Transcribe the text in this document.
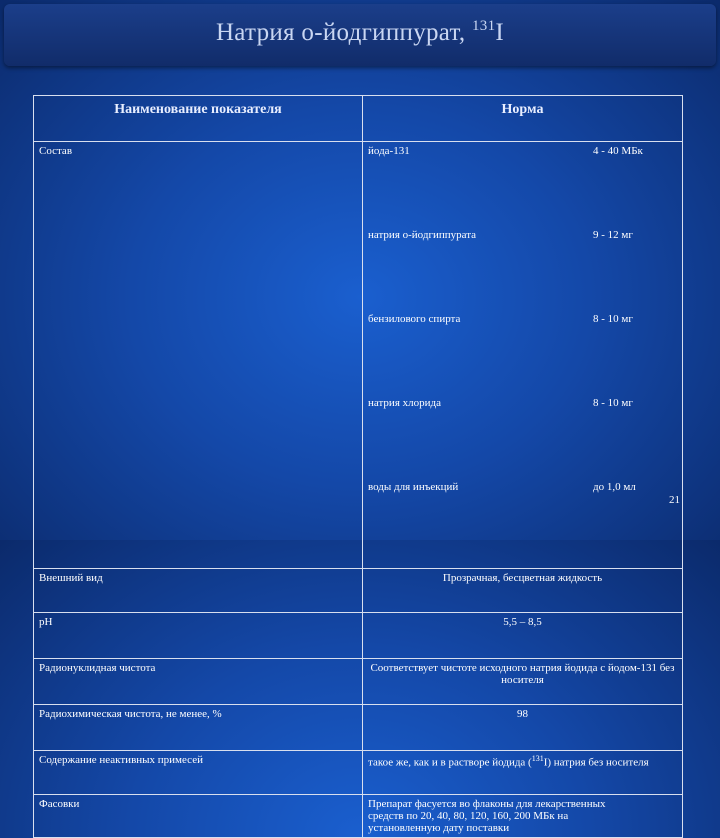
Натрия о-йодгиппурат, $^{131}$I
Наименование показателя	Норма
Состав		йода-131	4 - 40 МБк
натрия о-йодгиппурата	9 - 12 мг
бензилового спирта	8 - 10 мг
натрия хлорида	8 - 10 мг
воды для инъекций	до 1,0 мл

Внешний вид	Прозрачная, бесцветная жидкость
pH	5,5 – 8,5
Радионуклидная чистота	Соответствует чистоте исходного натрия йодида с йодом-131 без носителя
Радиохимическая чистота, не менее, %	98
Содержание неактивных примесей	такое же, как и в растворе йодида ($^{131}$I) натрия без носителя
Фасовки	Препарат фасуется во флаконы для лекарственных средств по 20, 40, 80, 120, 160, 200 МБк на установленную дату поставки
21
